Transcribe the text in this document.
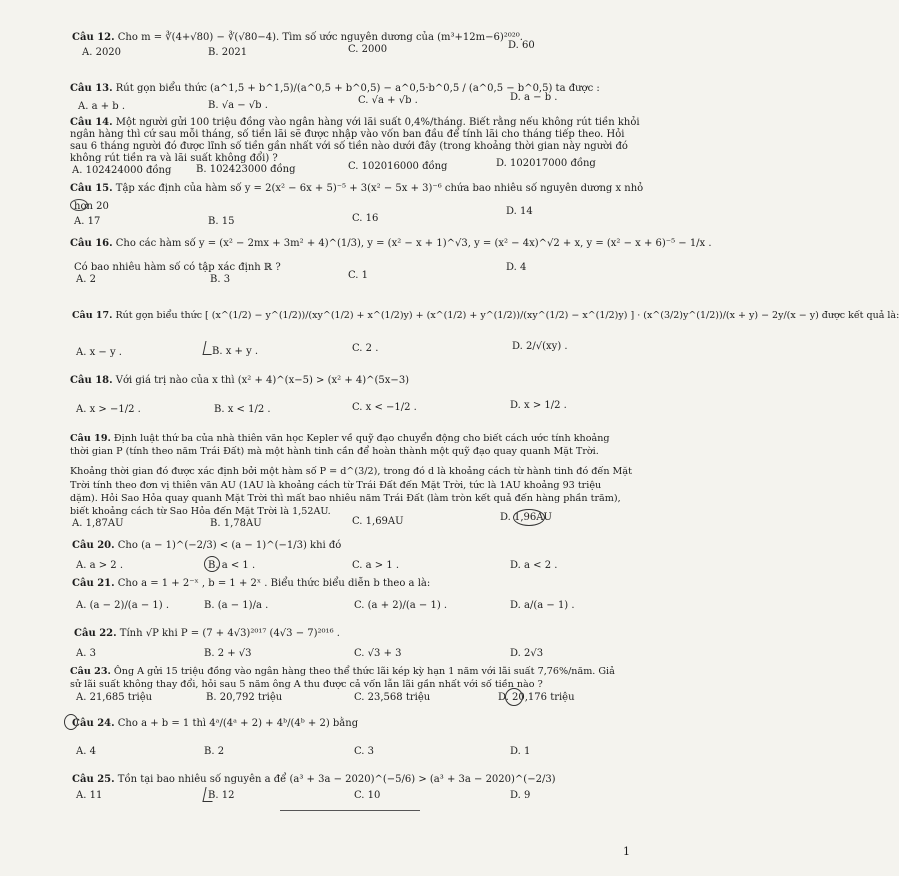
Câu 12. Cho m = ∛(4+√80) − ∛(√80−4). Tìm số ước nguyên dương của (m³+12m−6)²⁰²⁰.
A. 2020	B. 2021	C. 2000	D. 60
Câu 13. Rút gọn biểu thức (a^1,5 + b^1,5)/(a^0,5 + b^0,5) − a^0,5·b^0,5 / (a^0,5 − b^0,5) ta được :
A. a + b .	B. √a − √b .	C. √a + √b .	D. a − b .
Câu 14. Một người gửi 100 triệu đồng vào ngân hàng với lãi suất 0,4%/tháng. Biết rằng nếu không rút tiền khỏi
ngân hàng thì cứ sau mỗi tháng, số tiền lãi sẽ được nhập vào vốn ban đầu để tính lãi cho tháng tiếp theo. Hỏi
sau 6 tháng người đó được lĩnh số tiền gần nhất với số tiền nào dưới đây (trong khoảng thời gian này người đó
không rút tiền ra và lãi suất không đổi) ?
A. 102424000 đồng B. 102423000 đồng	C. 102016000 đồng	D. 102017000 đồng
Câu 15. Tập xác định của hàm số y = 2(x² − 6x + 5)⁻⁵ + 3(x² − 5x + 3)⁻⁶ chứa bao nhiêu số nguyên dương x nhỏ
hơn 20
A. 17	B. 15	C. 16
D. 14
Câu 16. Cho các hàm số y = (x² − 2mx + 3m² + 4)^(1/3), y = (x² − x + 1)^√3, y = (x² − 4x)^√2 + x, y = (x² − x + 6)⁻⁵ − 1/x .
Có bao nhiêu hàm số có tập xác định ℝ ?
A. 2	B. 3	C. 1
D. 4
Câu 17. Rút gọn biểu thức [ (x^(1/2) − y^(1/2))/(xy^(1/2) + x^(1/2)y) + (x^(1/2) + y^(1/2))/(xy^(1/2) − x^(1/2)y) ] · (x^(3/2)y^(1/2))/(x + y) − 2y/(x − y) được kết quả là:
A. x − y .	B. x + y .	C. 2 .	D. 2/√(xy) .
Câu 18. Với giá trị nào của x thì (x² + 4)^(x−5) > (x² + 4)^(5x−3)
A. x > −1/2 .	B. x < 1/2 .	C. x < −1/2 .	D. x > 1/2 .
Câu 19. Định luật thứ ba của nhà thiên văn học Kepler về quỹ đạo chuyển động cho biết cách ước tính khoảng
thời gian P (tính theo năm Trái Đất) mà một hành tinh cần để hoàn thành một quỹ đạo quay quanh Mặt Trời.
Khoảng thời gian đó được xác định bởi một hàm số P = d^(3/2), trong đó d là khoảng cách từ hành tinh đó đến Mặt
Trời tính theo đơn vị thiên văn AU (1AU là khoảng cách từ Trái Đất đến Mặt Trời, tức là 1AU khoảng 93 triệu
dặm). Hỏi Sao Hỏa quay quanh Mặt Trời thì mất bao nhiêu năm Trái Đất (làm tròn kết quả đến hàng phần trăm),
biết khoảng cách từ Sao Hỏa đến Mặt Trời là 1,52AU.
A. 1,87AU	B. 1,78AU	C. 1,69AU	D. 1,96AU
Câu 20. Cho (a − 1)^(−2/3) < (a − 1)^(−1/3) khi đó
A. a > 2 .	B. a < 1 .	C. a > 1 .	D. a < 2 .
Câu 21. Cho a = 1 + 2⁻ˣ , b = 1 + 2ˣ . Biểu thức biểu diễn b theo a là:
A. (a − 2)/(a − 1) .	B. (a − 1)/a .	C. (a + 2)/(a − 1) .	D. a/(a − 1) .
Câu 22. Tính √P khi P = (7 + 4√3)²⁰¹⁷ (4√3 − 7)²⁰¹⁶ .
A. 3	B. 2 + √3	C. √3 + 3	D. 2√3
Câu 23. Ông A gửi 15 triệu đồng vào ngân hàng theo thể thức lãi kép kỳ hạn 1 năm với lãi suất 7,76%/năm. Giả
sử lãi suất không thay đổi, hỏi sau 5 năm ông A thu được cả vốn lẫn lãi gần nhất với số tiền nào ?
A. 21,685 triệu	B. 20,792 triệu	C. 23,568 triệu	D. 20,176 triệu
Câu 24. Cho a + b = 1 thì 4ᵃ/(4ᵃ + 2) + 4ᵇ/(4ᵇ + 2) bằng
A. 4	B. 2	C. 3	D. 1
Câu 25. Tồn tại bao nhiêu số nguyên a để (a³ + 3a − 2020)^(−5/6) > (a³ + 3a − 2020)^(−2/3)
A. 11	B. 12	C. 10	D. 9
1
